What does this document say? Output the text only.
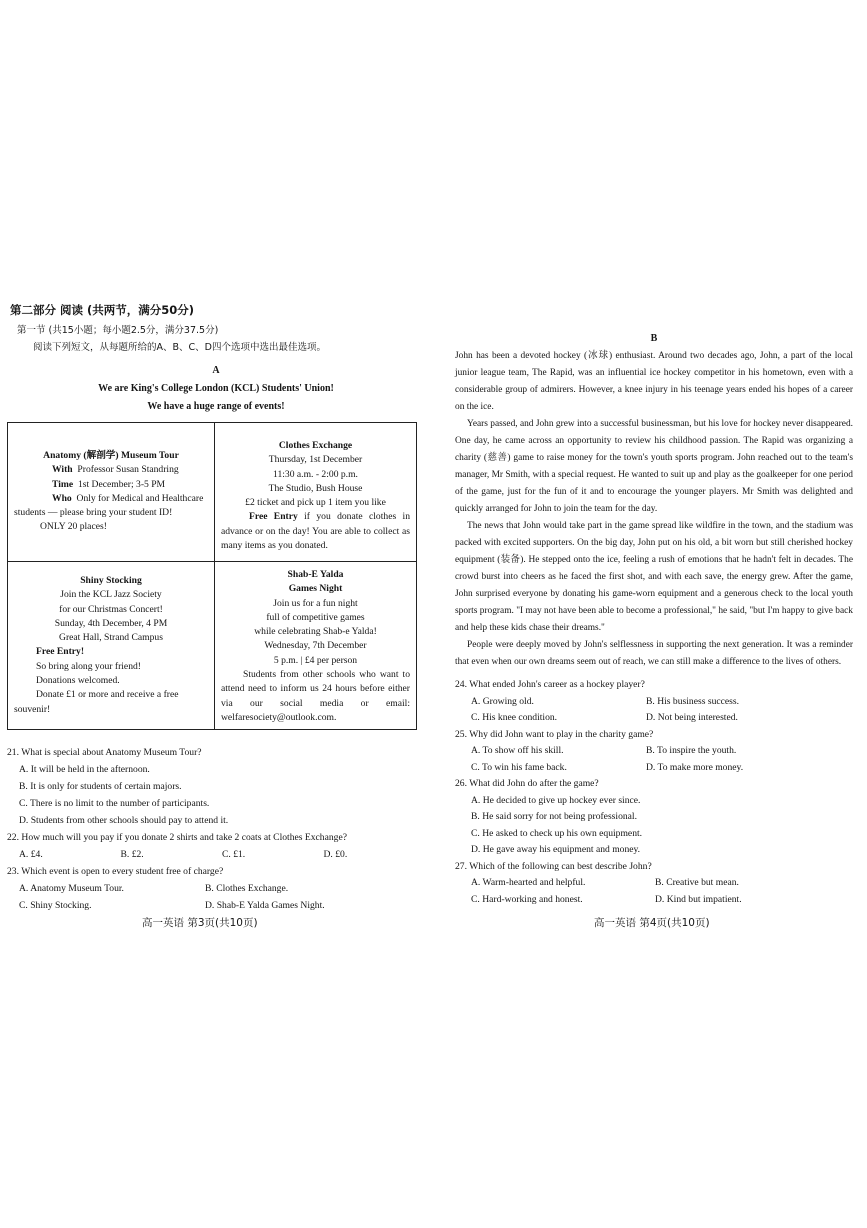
第二部分 阅读 (共两节，满分50分)
第一节 (共15小题；每小题2.5分，满分37.5分)
阅读下列短文，从每题所给的A、B、C、D四个选项中选出最佳选项。
A
We are King's College London (KCL) Students' Union!
We have a huge range of events!
Anatomy (解剖学) Museum Tour
With Professor Susan Standring
Time 1st December; 3-5 PM
Who Only for Medical and Healthcare
students — please bring your student ID!
ONLY 20 places!
Clothes Exchange
Thursday, 1st December
11:30 a.m. - 2:00 p.m.
The Studio, Bush House
£2 ticket and pick up 1 item you like
Free Entry if you donate clothes in advance or on the day! You are able to collect as many items as you donated.
Shiny Stocking
Join the KCL Jazz Society
for our Christmas Concert!
Sunday, 4th December, 4 PM
Great Hall, Strand Campus
Free Entry!
So bring along your friend!
Donations welcomed.
Donate £1 or more and receive a free souvenir!
Shab-E Yalda
Games Night
Join us for a fun night
full of competitive games
while celebrating Shab-e Yalda!
Wednesday, 7th December
5 p.m. | £4 per person
Students from other schools who want to attend need to inform us 24 hours before either via our social media or email: welfaresociety@outlook.com.
21. What is special about Anatomy Museum Tour?
A. It will be held in the afternoon.
B. It is only for students of certain majors.
C. There is no limit to the number of participants.
D. Students from other schools should pay to attend it.
22. How much will you pay if you donate 2 shirts and take 2 coats at Clothes Exchange?
A. £4.	B. £2.	C. £1.	D. £0.
23. Which event is open to every student free of charge?
A. Anatomy Museum Tour.	B. Clothes Exchange.
C. Shiny Stocking.	D. Shab-E Yalda Games Night.
高一英语 第3页(共10页)
B

John has been a devoted hockey (冰球) enthusiast. Around two decades ago, John, a part of the local junior league team, The Rapid, was an influential ice hockey competitor in his hometown, even with a considerable group of admirers. However, a knee injury in his teenage years ended his hopes of a career on the ice.

Years passed, and John grew into a successful businessman, but his love for hockey never disappeared. One day, he came across an opportunity to review his childhood passion. The Rapid was organizing a charity (慈善) game to raise money for the town's youth sports program. John reached out to the team's manager, Mr Smith, with a special request. He wanted to suit up and play as the goalkeeper for one period of the game, just for the fun of it and to encourage the younger players. Mr Smith was delighted and quickly arranged for John to join the team for the day.

The news that John would take part in the game spread like wildfire in the town, and the stadium was packed with excited supporters. On the big day, John put on his old, a bit worn but still cherished hockey equipment (装备). He stepped onto the ice, feeling a rush of emotions that he hadn't felt in decades. The crowd burst into cheers as he faced the first shot, and with each save, the energy grew. After the game, John surprised everyone by donating his game-worn equipment and a generous check to the local youth sports program. "I may not have been able to become a professional," he said, "but I'm happy to give back and help these kids chase their dreams."

People were deeply moved by John's selflessness in supporting the next generation. It was a reminder that even when our own dreams seem out of reach, we can still make a difference to the lives of others.

24. What ended John's career as a hockey player?
A. Growing old.	B. His business success.
C. His knee condition.	D. Not being interested.
25. Why did John want to play in the charity game?
A. To show off his skill.	B. To inspire the youth.
C. To win his fame back.	D. To make more money.
26. What did John do after the game?
A. He decided to give up hockey ever since.
B. He said sorry for not being professional.
C. He asked to check up his own equipment.
D. He gave away his equipment and money.
27. Which of the following can best describe John?
A. Warm-hearted and helpful.	B. Creative but mean.
C. Hard-working and honest.	D. Kind but impatient.
高一英语 第4页(共10页)
